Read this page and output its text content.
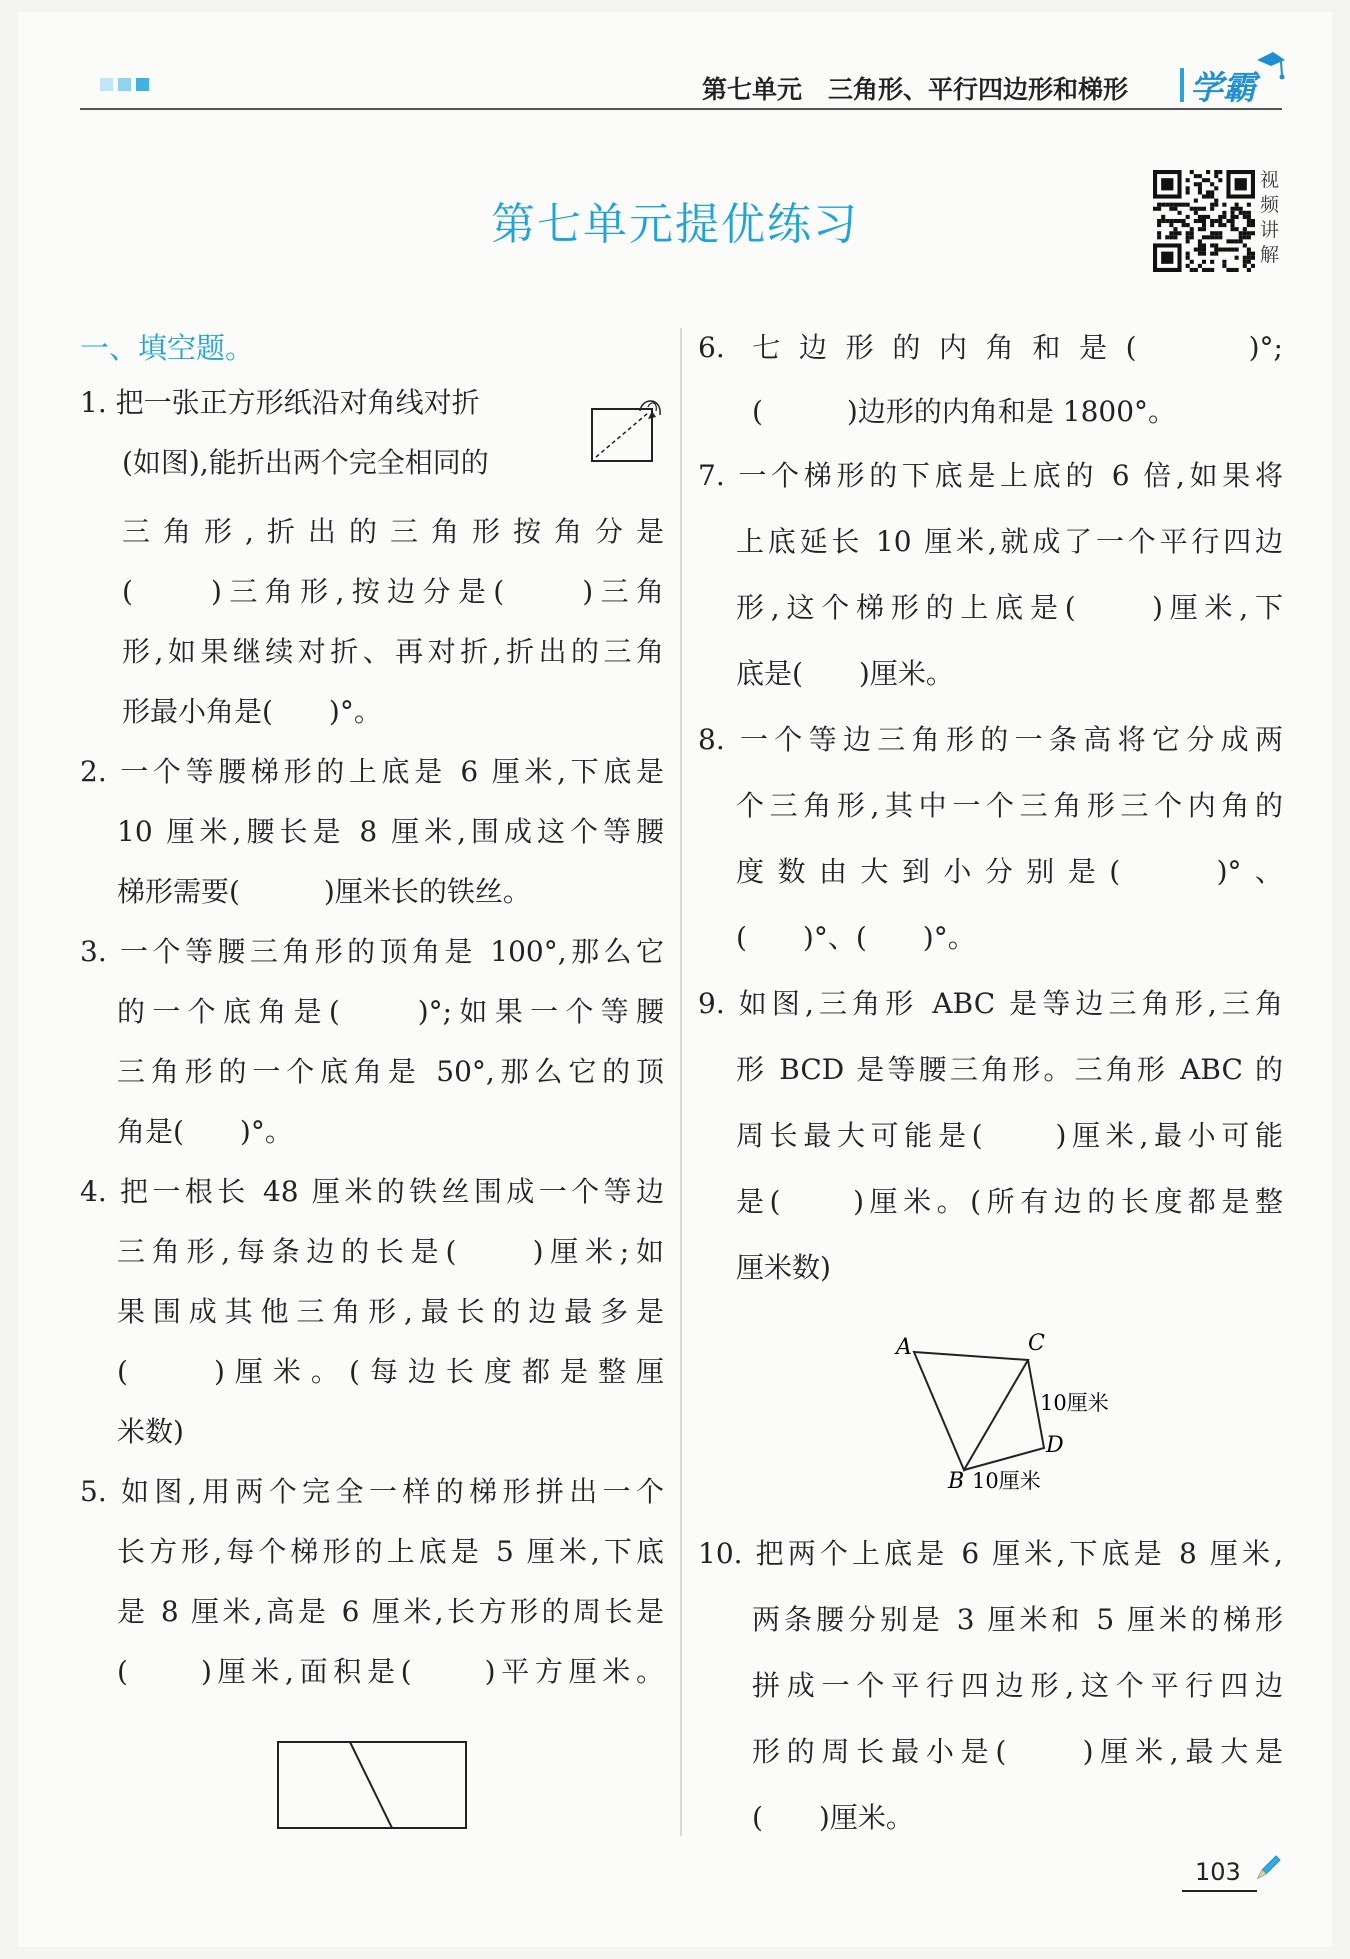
第七单元 三角形、平行四边形和梯形 学霸
第七单元提优练习
视频讲解
一、填空题。
1. 把一张正方形纸沿对角线对折
(如图),能折出两个完全相同的
三角形,折出的三角形按角分是
(　　)三角形,按边分是(　　)三角
形,如果继续对折、再对折,折出的三角
形最小角是(　　)°。
2. 一个等腰梯形的上底是 6 厘米,下底是
10 厘米,腰长是 8 厘米,围成这个等腰
梯形需要(　　　)厘米长的铁丝。
3. 一个等腰三角形的顶角是 100°,那么它
的一个底角是(　　)°;如果一个等腰
三角形的一个底角是 50°,那么它的顶
角是(　　)°。
4. 把一根长 48 厘米的铁丝围成一个等边
三角形,每条边的长是(　　)厘米;如
果围成其他三角形,最长的边最多是
(　　)厘米。(每边长度都是整厘
米数)
5. 如图,用两个完全一样的梯形拼出一个
长方形,每个梯形的上底是 5 厘米,下底
是 8 厘米,高是 6 厘米,长方形的周长是
(　　)厘米,面积是(　　)平方厘米。
6. 七边形的内角和是(　　)°;
(　　　)边形的内角和是 1800°。
7. 一个梯形的下底是上底的 6 倍,如果将
上底延长 10 厘米,就成了一个平行四边
形,这个梯形的上底是(　　)厘米,下
底是(　　)厘米。
8. 一个等边三角形的一条高将它分成两
个三角形,其中一个三角形三个内角的
度数由大到小分别是(　　)°、
(　　)°、(　　)°。
9. 如图,三角形 ABC 是等边三角形,三角
形 BCD 是等腰三角形。三角形 ABC 的
周长最大可能是(　　)厘米,最小可能
是(　　)厘米。(所有边的长度都是整
厘米数)
A	C
D
B
10厘米
10厘米
10. 把两个上底是 6 厘米,下底是 8 厘米,
两条腰分别是 3 厘米和 5 厘米的梯形
拼成一个平行四边形,这个平行四边
形的周长最小是(　　)厘米,最大是
(　　)厘米。
103
